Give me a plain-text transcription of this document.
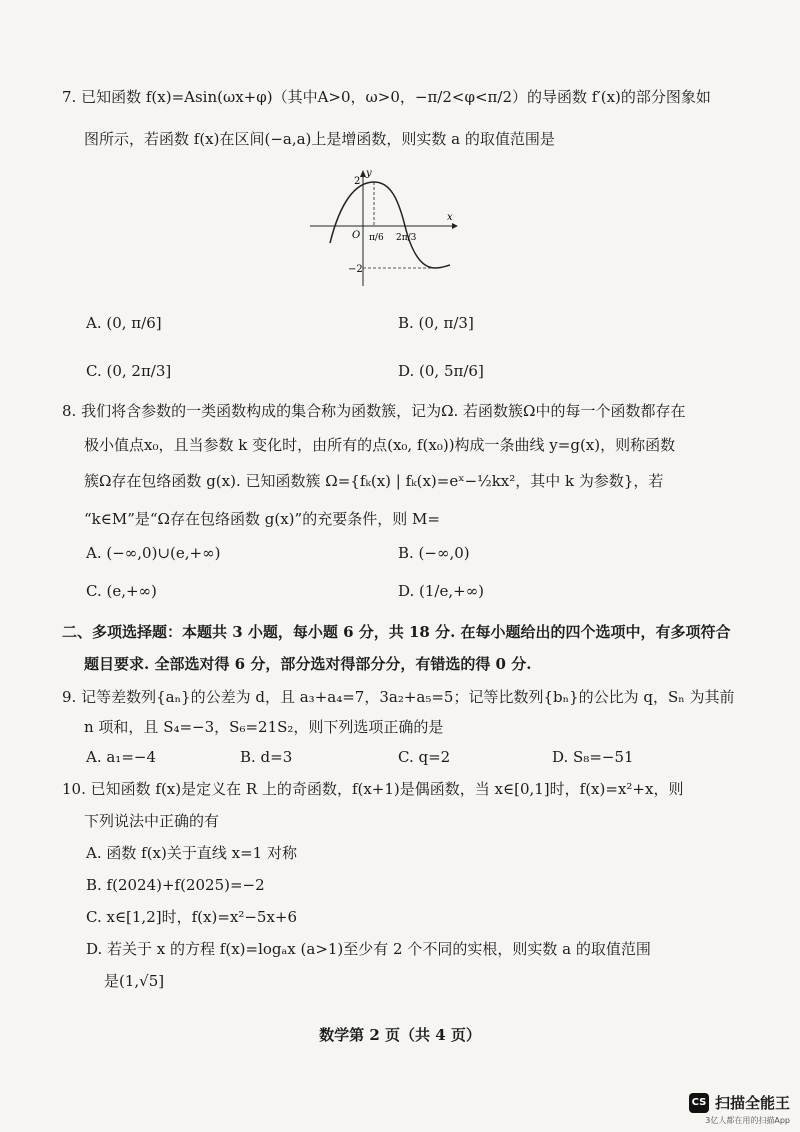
7. 已知函数 f(x)=Asin(ωx+φ)（其中A>0，ω>0，−π/2<φ<π/2）的导函数 f′(x)的部分图象如
图所示，若函数 f(x)在区间(−a,a)上是增函数，则实数 a 的取值范围是
y
x
O
2
−2
π/6 2π/3
A. (0, π/6]	B. (0, π/3]
C. (0, 2π/3]	D. (0, 5π/6]
8. 我们将含参数的一类函数构成的集合称为函数簇，记为Ω. 若函数簇Ω中的每一个函数都存在
极小值点x₀，且当参数 k 变化时，由所有的点(x₀, f(x₀))构成一条曲线 y=g(x)，则称函数
簇Ω存在包络函数 g(x). 已知函数簇 Ω={fₖ(x) | fₖ(x)=eˣ−½kx²，其中 k 为参数}，若
“k∈M”是“Ω存在包络函数 g(x)”的充要条件，则 M=
A. (−∞,0)∪(e,+∞)	B. (−∞,0)
C. (e,+∞)	D. (1/e,+∞)
二、多项选择题：本题共 3 小题，每小题 6 分，共 18 分. 在每小题给出的四个选项中，有多项符合
题目要求. 全部选对得 6 分，部分选对得部分分，有错选的得 0 分.
9. 记等差数列{aₙ}的公差为 d，且 a₃+a₄=7，3a₂+a₅=5；记等比数列{bₙ}的公比为 q，Sₙ 为其前
n 项和，且 S₄=−3，S₆=21S₂，则下列选项正确的是
A. a₁=−4	B. d=3	C. q=2	D. S₈=−51
10. 已知函数 f(x)是定义在 R 上的奇函数，f(x+1)是偶函数，当 x∈[0,1]时，f(x)=x²+x，则
下列说法中正确的有
A. 函数 f(x)关于直线 x=1 对称
B. f(2024)+f(2025)=−2
C. x∈[1,2]时，f(x)=x²−5x+6
D. 若关于 x 的方程 f(x)=logₐx (a>1)至少有 2 个不同的实根，则实数 a 的取值范围
是(1,√5]
数学第 2 页（共 4 页）
CS 扫描全能王
3亿人都在用的扫描App
